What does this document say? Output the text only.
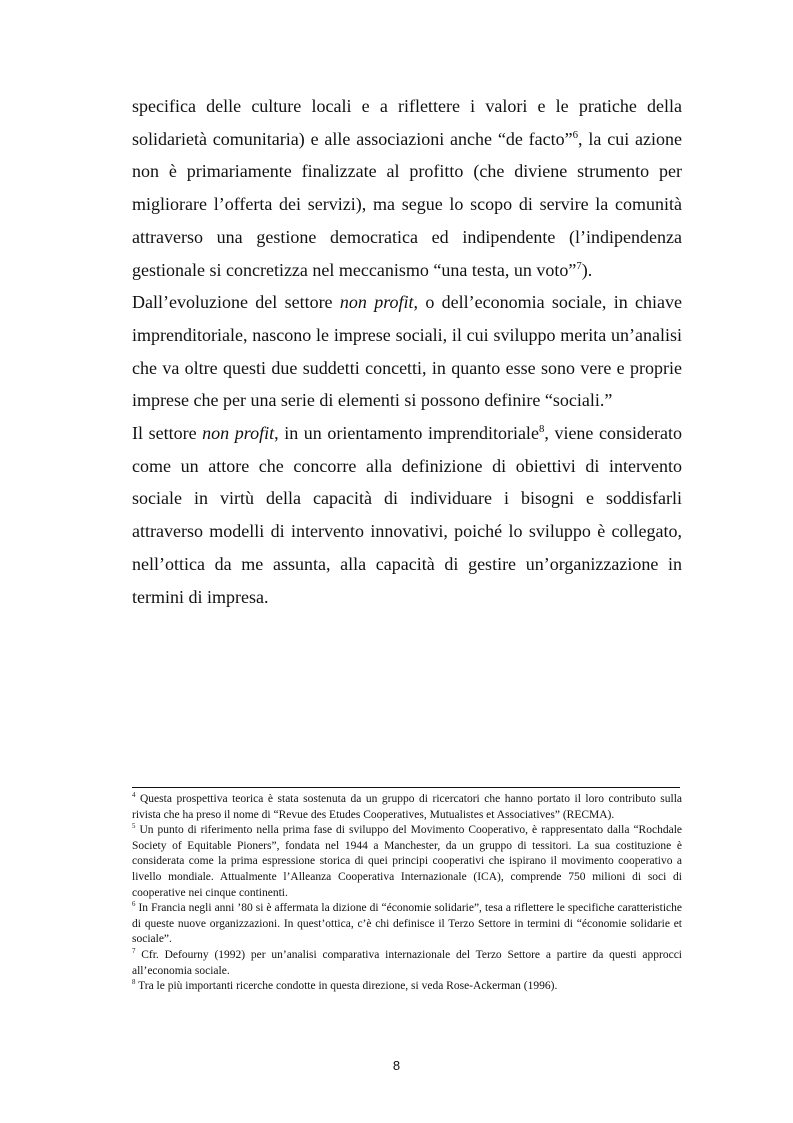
specifica delle culture locali e a riflettere i valori e le pratiche della solidarietà comunitaria) e alle associazioni anche “de facto”$^6$, la cui azione non è primariamente finalizzate al profitto (che diviene strumento per migliorare l’offerta dei servizi), ma segue lo scopo di servire la comunità attraverso una gestione democratica ed indipendente (l’indipendenza gestionale si concretizza nel meccanismo “una testa, un voto”$^7$).

Dall’evoluzione del settore non profit, o dell’economia sociale, in chiave imprenditoriale, nascono le imprese sociali, il cui sviluppo merita un’analisi che va oltre questi due suddetti concetti, in quanto esse sono vere e proprie imprese che per una serie di elementi si possono definire “sociali.”

Il settore non profit, in un orientamento imprenditoriale$^8$, viene considerato come un attore che concorre alla definizione di obiettivi di intervento sociale in virtù della capacità di individuare i bisogni e soddisfarli attraverso modelli di intervento innovativi, poiché lo sviluppo è collegato, nell’ottica da me assunta, alla capacità di gestire un’organizzazione in termini di impresa.

$^4$ Questa prospettiva teorica è stata sostenuta da un gruppo di ricercatori che hanno portato il loro contributo sulla rivista che ha preso il nome di “Revue des Etudes Cooperatives, Mutualistes et Associatives” (RECMA).

$^5$ Un punto di riferimento nella prima fase di sviluppo del Movimento Cooperativo, è rappresentato dalla “Rochdale Society of Equitable Pioners”, fondata nel 1944 a Manchester, da un gruppo di tessitori. La sua costituzione è considerata come la prima espressione storica di quei principi cooperativi che ispirano il movimento cooperativo a livello mondiale. Attualmente l’Alleanza Cooperativa Internazionale (ICA), comprende 750 milioni di soci di cooperative nei cinque continenti.

$^6$ In Francia negli anni ’80 si è affermata la dizione di “économie solidarie”, tesa a riflettere le specifiche caratteristiche di queste nuove organizzazioni. In quest’ottica, c’è chi definisce il Terzo Settore in termini di “économie solidarie et sociale”.

$^7$ Cfr. Defourny (1992) per un’analisi comparativa internazionale del Terzo Settore a partire da questi approcci all’economia sociale.

$^8$ Tra le più importanti ricerche condotte in questa direzione, si veda Rose-Ackerman (1996).

8
